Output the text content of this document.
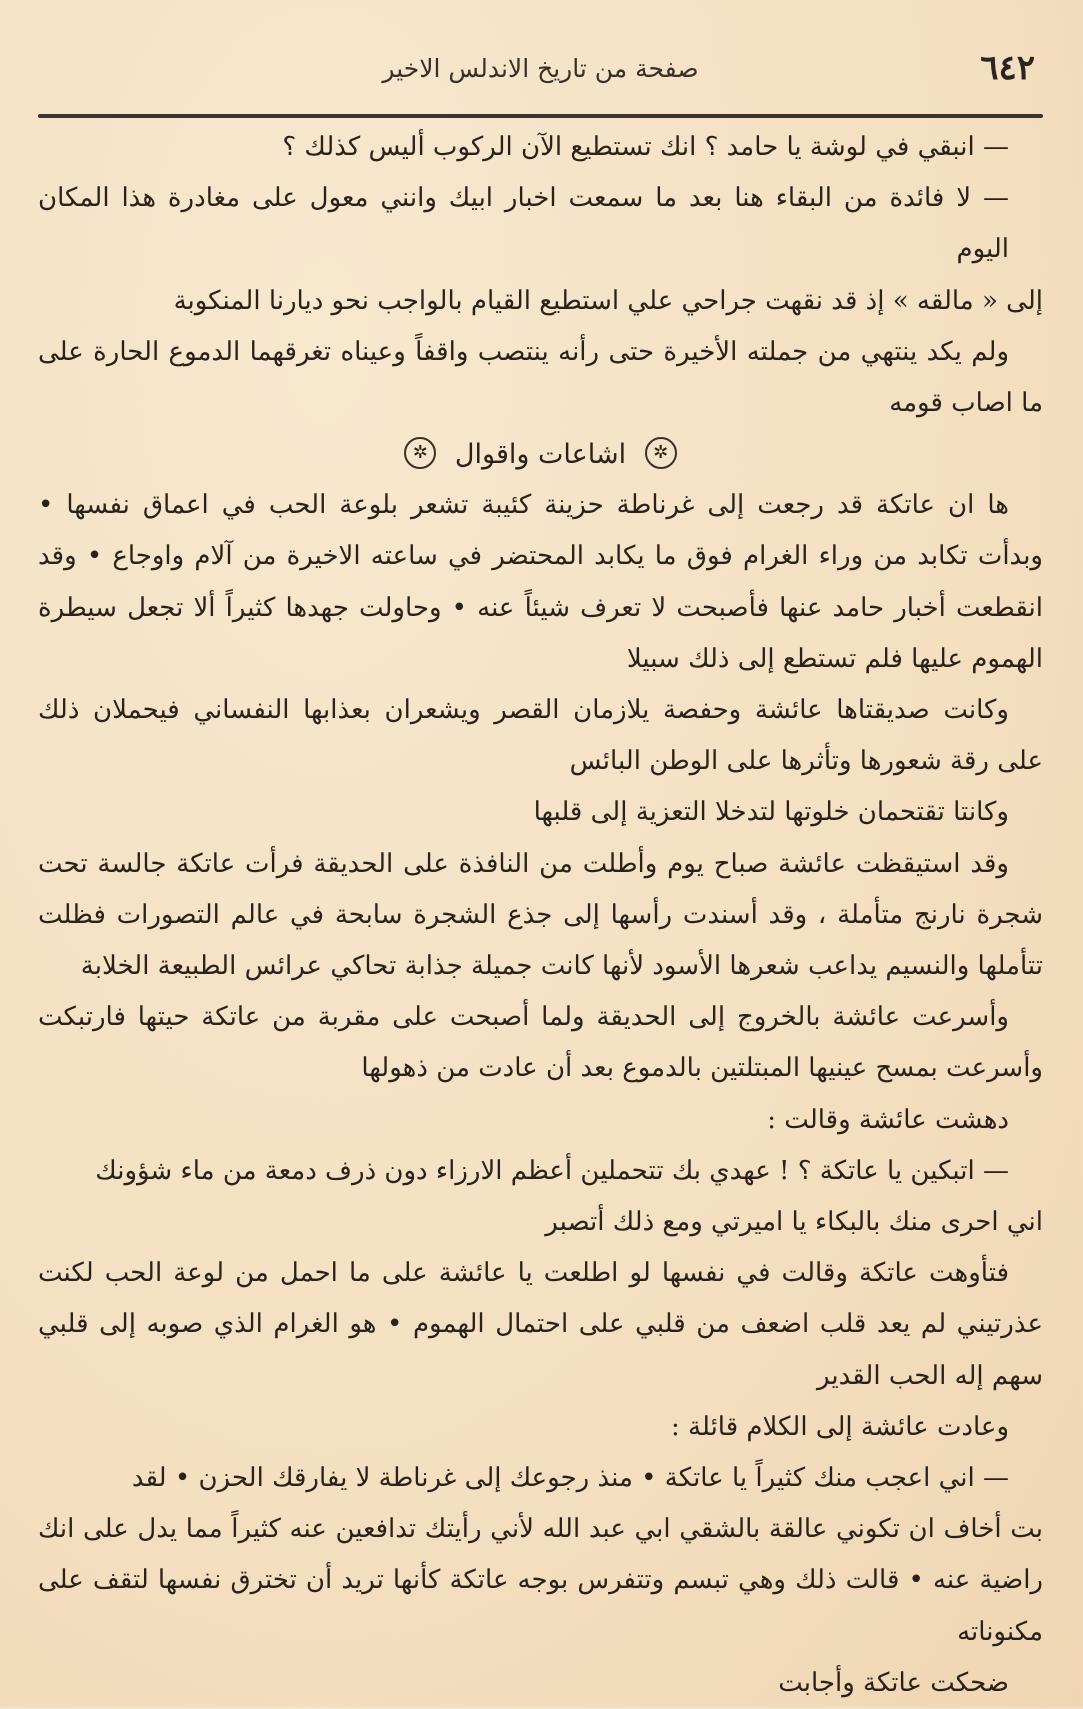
٦٤٢
صفحة من تاريخ الاندلس الاخير

— انبقي في لوشة يا حامد ؟ انك تستطيع الآن الركوب أليس كذلك ؟

— لا فائدة من البقاء هنا بعد ما سمعت اخبار ابيك وانني معول على مغادرة هذا المكان اليوم

إلى « مالقه » إذ قد نقهت جراحي علي استطيع القيام بالواجب نحو ديارنا المنكوبة

ولم يكد ينتهي من جملته الأخيرة حتى رأنه ينتصب واقفاً وعيناه تغرقهما الدموع الحارة على ما اصاب قومه

✲ اشاعات واقوال ✲

ها ان عاتكة قد رجعت إلى غرناطة حزينة كئيبة تشعر بلوعة الحب في اعماق نفسها • وبدأت تكابد من وراء الغرام فوق ما يكابد المحتضر في ساعته الاخيرة من آلام واوجاع • وقد انقطعت أخبار حامد عنها فأصبحت لا تعرف شيئاً عنه • وحاولت جهدها كثيراً ألا تجعل سيطرة الهموم عليها فلم تستطع إلى ذلك سبيلا

وكانت صديقتاها عائشة وحفصة يلازمان القصر ويشعران بعذابها النفساني فيحملان ذلك على رقة شعورها وتأثرها على الوطن البائس

وكانتا تقتحمان خلوتها لتدخلا التعزية إلى قلبها

وقد استيقظت عائشة صباح يوم وأطلت من النافذة على الحديقة فرأت عاتكة جالسة تحت شجرة نارنج متأملة ، وقد أسندت رأسها إلى جذع الشجرة سابحة في عالم التصورات فظلت تتأملها والنسيم يداعب شعرها الأسود لأنها كانت جميلة جذابة تحاكي عرائس الطبيعة الخلابة

وأسرعت عائشة بالخروج إلى الحديقة ولما أصبحت على مقربة من عاتكة حيتها فارتبكت وأسرعت بمسح عينيها المبتلتين بالدموع بعد أن عادت من ذهولها

دهشت عائشة وقالت :

— اتبكين يا عاتكة ؟ ! عهدي بك تتحملين أعظم الارزاء دون ذرف دمعة من ماء شؤونك

اني احرى منك بالبكاء يا اميرتي ومع ذلك أتصبر

فتأوهت عاتكة وقالت في نفسها لو اطلعت يا عائشة على ما احمل من لوعة الحب لكنت عذرتيني لم يعد قلب اضعف من قلبي على احتمال الهموم • هو الغرام الذي صوبه إلى قلبي سهم إله الحب القدير

وعادت عائشة إلى الكلام قائلة :

— اني اعجب منك كثيراً يا عاتكة • منذ رجوعك إلى غرناطة لا يفارقك الحزن • لقد

بت أخاف ان تكوني عالقة بالشقي ابي عبد الله لأني رأيتك تدافعين عنه كثيراً مما يدل على انك راضية عنه • قالت ذلك وهي تبسم وتتفرس بوجه عاتكة كأنها تريد أن تخترق نفسها لتقف على مكنوناته

ضحكت عاتكة وأجابت
